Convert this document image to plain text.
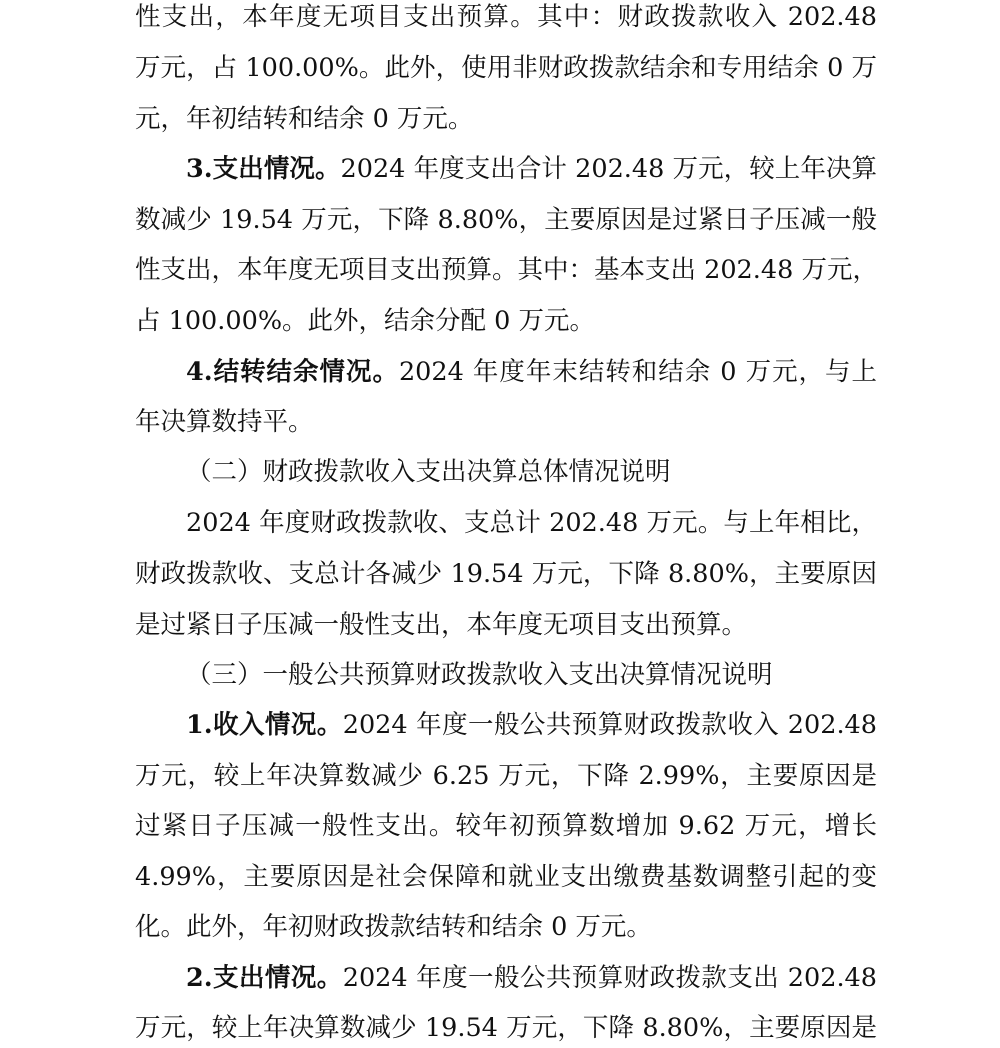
性支出，本年度无项目支出预算。其中：财政拨款收入 202.48
万元，占 100.00%。此外，使用非财政拨款结余和专用结余 0 万
元，年初结转和结余 0 万元。
3.支出情况。2024 年度支出合计 202.48 万元，较上年决算
数减少 19.54 万元，下降 8.80%，主要原因是过紧日子压减一般
性支出，本年度无项目支出预算。其中：基本支出 202.48 万元，
占 100.00%。此外，结余分配 0 万元。
4.结转结余情况。2024 年度年末结转和结余 0 万元，与上
年决算数持平。
（二）财政拨款收入支出决算总体情况说明
2024 年度财政拨款收、支总计 202.48 万元。与上年相比，
财政拨款收、支总计各减少 19.54 万元，下降 8.80%，主要原因
是过紧日子压减一般性支出，本年度无项目支出预算。
（三）一般公共预算财政拨款收入支出决算情况说明
1.收入情况。2024 年度一般公共预算财政拨款收入 202.48
万元，较上年决算数减少 6.25 万元，下降 2.99%，主要原因是
过紧日子压减一般性支出。较年初预算数增加 9.62 万元，增长
4.99%，主要原因是社会保障和就业支出缴费基数调整引起的变
化。此外，年初财政拨款结转和结余 0 万元。
2.支出情况。2024 年度一般公共预算财政拨款支出 202.48
万元，较上年决算数减少 19.54 万元，下降 8.80%，主要原因是
